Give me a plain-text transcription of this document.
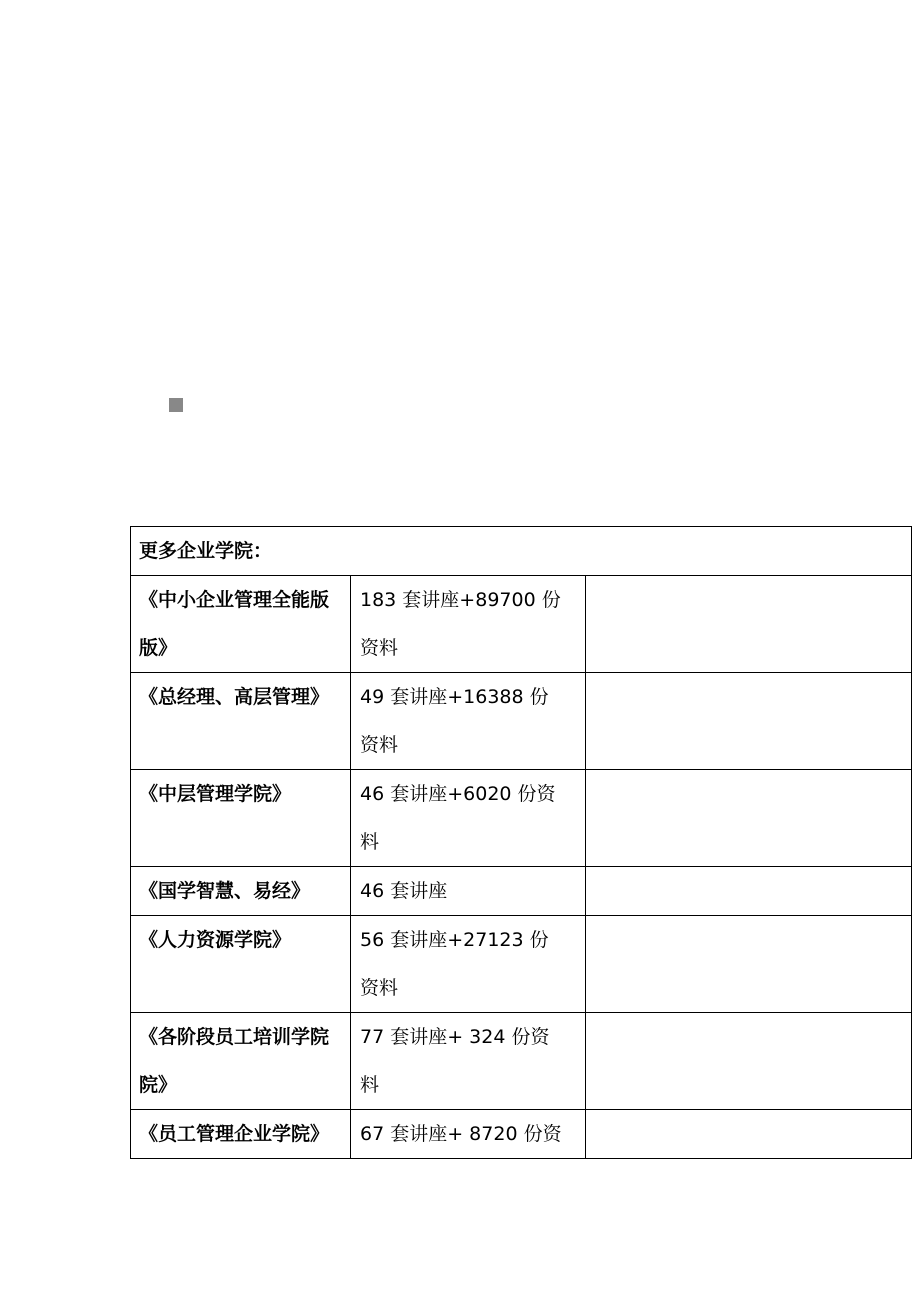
更多企业学院：		

《中小企业管理全能版
版》	183 套讲座+89700 份
资料	

《总经理、高层管理》	49 套讲座+16388 份
资料	

《中层管理学院》	46 套讲座+6020 份资
料	

《国学智慧、易经》	46 套讲座	

《人力资源学院》	56 套讲座+27123 份
资料	

《各阶段员工培训学院
院》	77 套讲座+ 324 份资
料	

《员工管理企业学院》	67 套讲座+ 8720 份资	
